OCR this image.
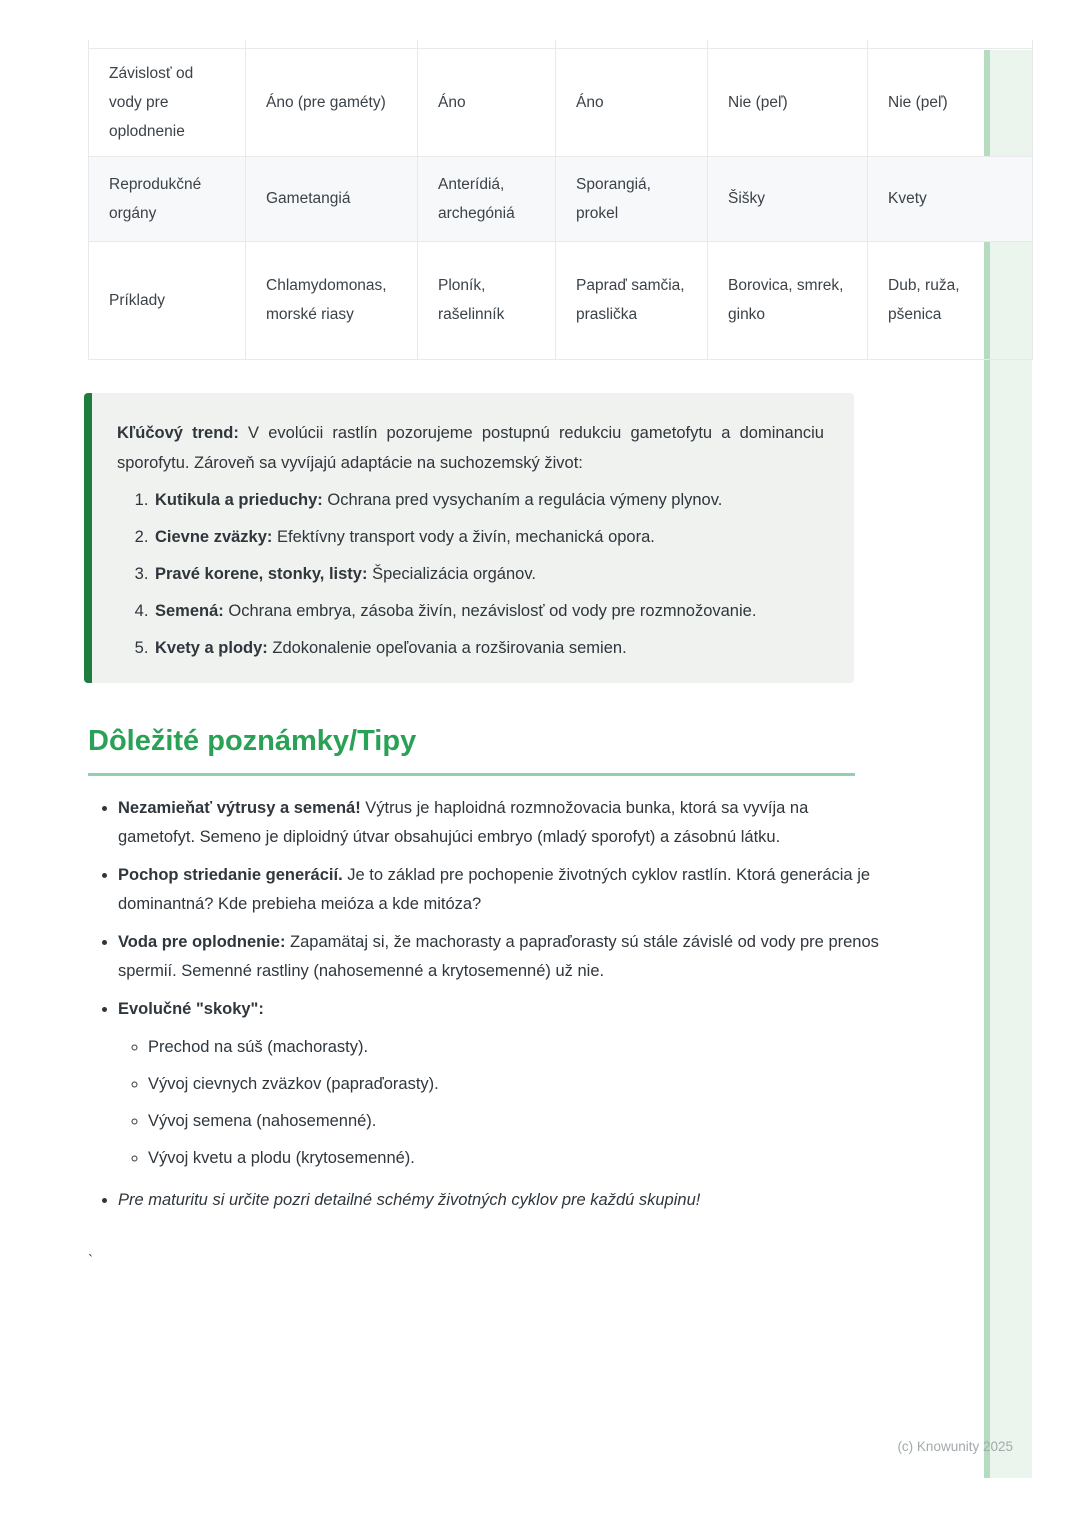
Závislosť od vody pre oplodnenie	Áno (pre gaméty)	Áno	Áno	Nie (peľ)	Nie (peľ)
Reprodukčné orgány	Gametangiá	Anterídiá, archegóniá	Sporangiá, prokel	Šišky	Kvety
Príklady	Chlamydomonas, morské riasy	Ploník, rašelinník	Papraď samčia, praslička	Borovica, smrek, ginko	Dub, ruža, pšenica

Kľúčový trend: V evolúcii rastlín pozorujeme postupnú redukciu gametofytu a dominanciu sporofytu. Zároveň sa vyvíjajú adaptácie na suchozemský život:

1. Kutikula a prieduchy: Ochrana pred vysychaním a regulácia výmeny plynov.
2. Cievne zväzky: Efektívny transport vody a živín, mechanická opora.
3. Pravé korene, stonky, listy: Špecializácia orgánov.
4. Semená: Ochrana embrya, zásoba živín, nezávislosť od vody pre rozmnožovanie.
5. Kvety a plody: Zdokonalenie opeľovania a rozširovania semien.
Dôležité poznámky/Tipy
• Nezamieňať výtrusy a semená! Výtrus je haploidná rozmnožovacia bunka, ktorá sa vyvíja na gametofyt. Semeno je diploidný útvar obsahujúci embryo (mladý sporofyt) a zásobnú látku.
• Pochop striedanie generácií. Je to základ pre pochopenie životných cyklov rastlín. Ktorá generácia je dominantná? Kde prebieha meióza a kde mitóza?
• Voda pre oplodnenie: Zapamätaj si, že machorasty a papraďorasty sú stále závislé od vody pre prenos spermií. Semenné rastliny (nahosemenné a krytosemenné) už nie.
• Evolučné "skoky":
◦ Prechod na súš (machorasty).
◦ Vývoj cievnych zväzkov (papraďorasty).
◦ Vývoj semena (nahosemenné).
◦ Vývoj kvetu a plodu (krytosemenné).
• Pre maturitu si určite pozri detailné schémy životných cyklov pre každú skupinu!
`
(c) Knowunity 2025
